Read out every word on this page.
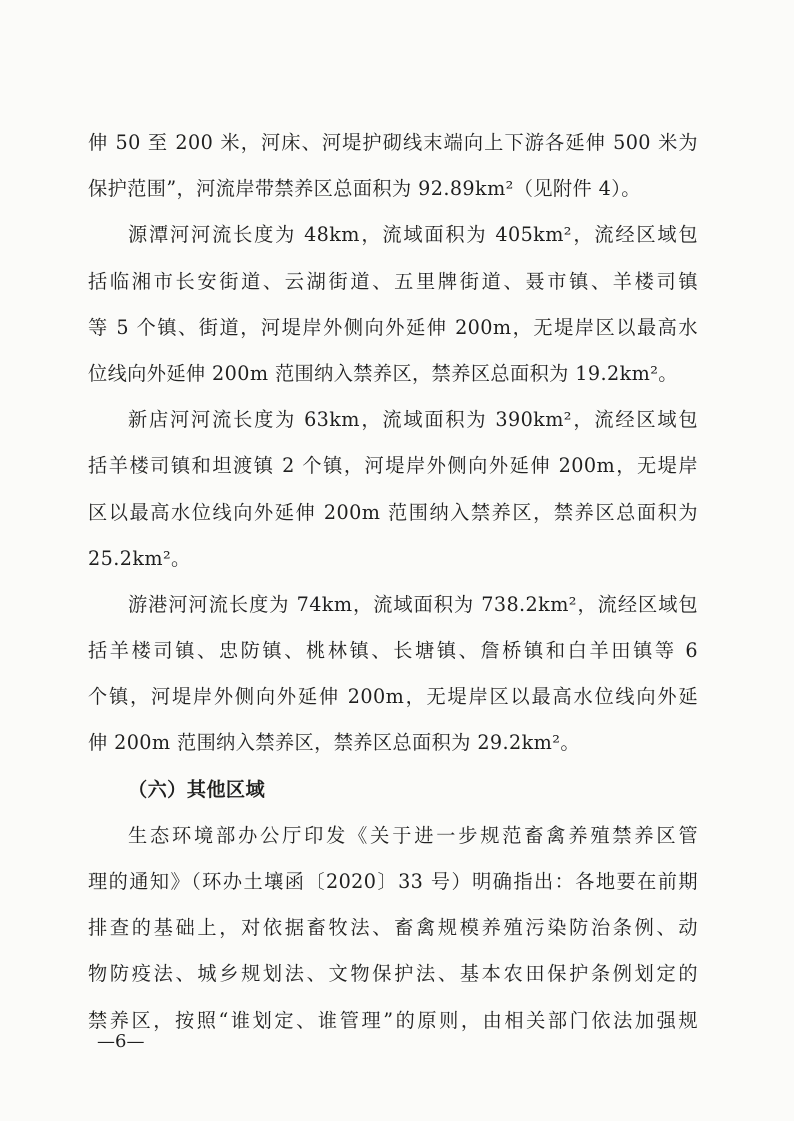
伸 50 至 200 米，河床、河堤护砌线末端向上下游各延伸 500 米为
保护范围”，河流岸带禁养区总面积为 92.89km²（见附件 4）。
源潭河河流长度为 48km，流域面积为 405km²，流经区域包
括临湘市长安街道、云湖街道、五里牌街道、聂市镇、羊楼司镇
等 5 个镇、街道，河堤岸外侧向外延伸 200m，无堤岸区以最高水
位线向外延伸 200m 范围纳入禁养区，禁养区总面积为 19.2km²。
新店河河流长度为 63km，流域面积为 390km²，流经区域包
括羊楼司镇和坦渡镇 2 个镇，河堤岸外侧向外延伸 200m，无堤岸
区以最高水位线向外延伸 200m 范围纳入禁养区，禁养区总面积为
25.2km²。
游港河河流长度为 74km，流域面积为 738.2km²，流经区域包
括羊楼司镇、忠防镇、桃林镇、长塘镇、詹桥镇和白羊田镇等 6
个镇，河堤岸外侧向外延伸 200m，无堤岸区以最高水位线向外延
伸 200m 范围纳入禁养区，禁养区总面积为 29.2km²。
（六）其他区域
生态环境部办公厅印发《关于进一步规范畜禽养殖禁养区管
理的通知》（环办土壤函〔2020〕33 号）明确指出：各地要在前期
排查的基础上，对依据畜牧法、畜禽规模养殖污染防治条例、动
物防疫法、城乡规划法、文物保护法、基本农田保护条例划定的
禁养区，按照“谁划定、谁管理”的原则，由相关部门依法加强规
—6—
